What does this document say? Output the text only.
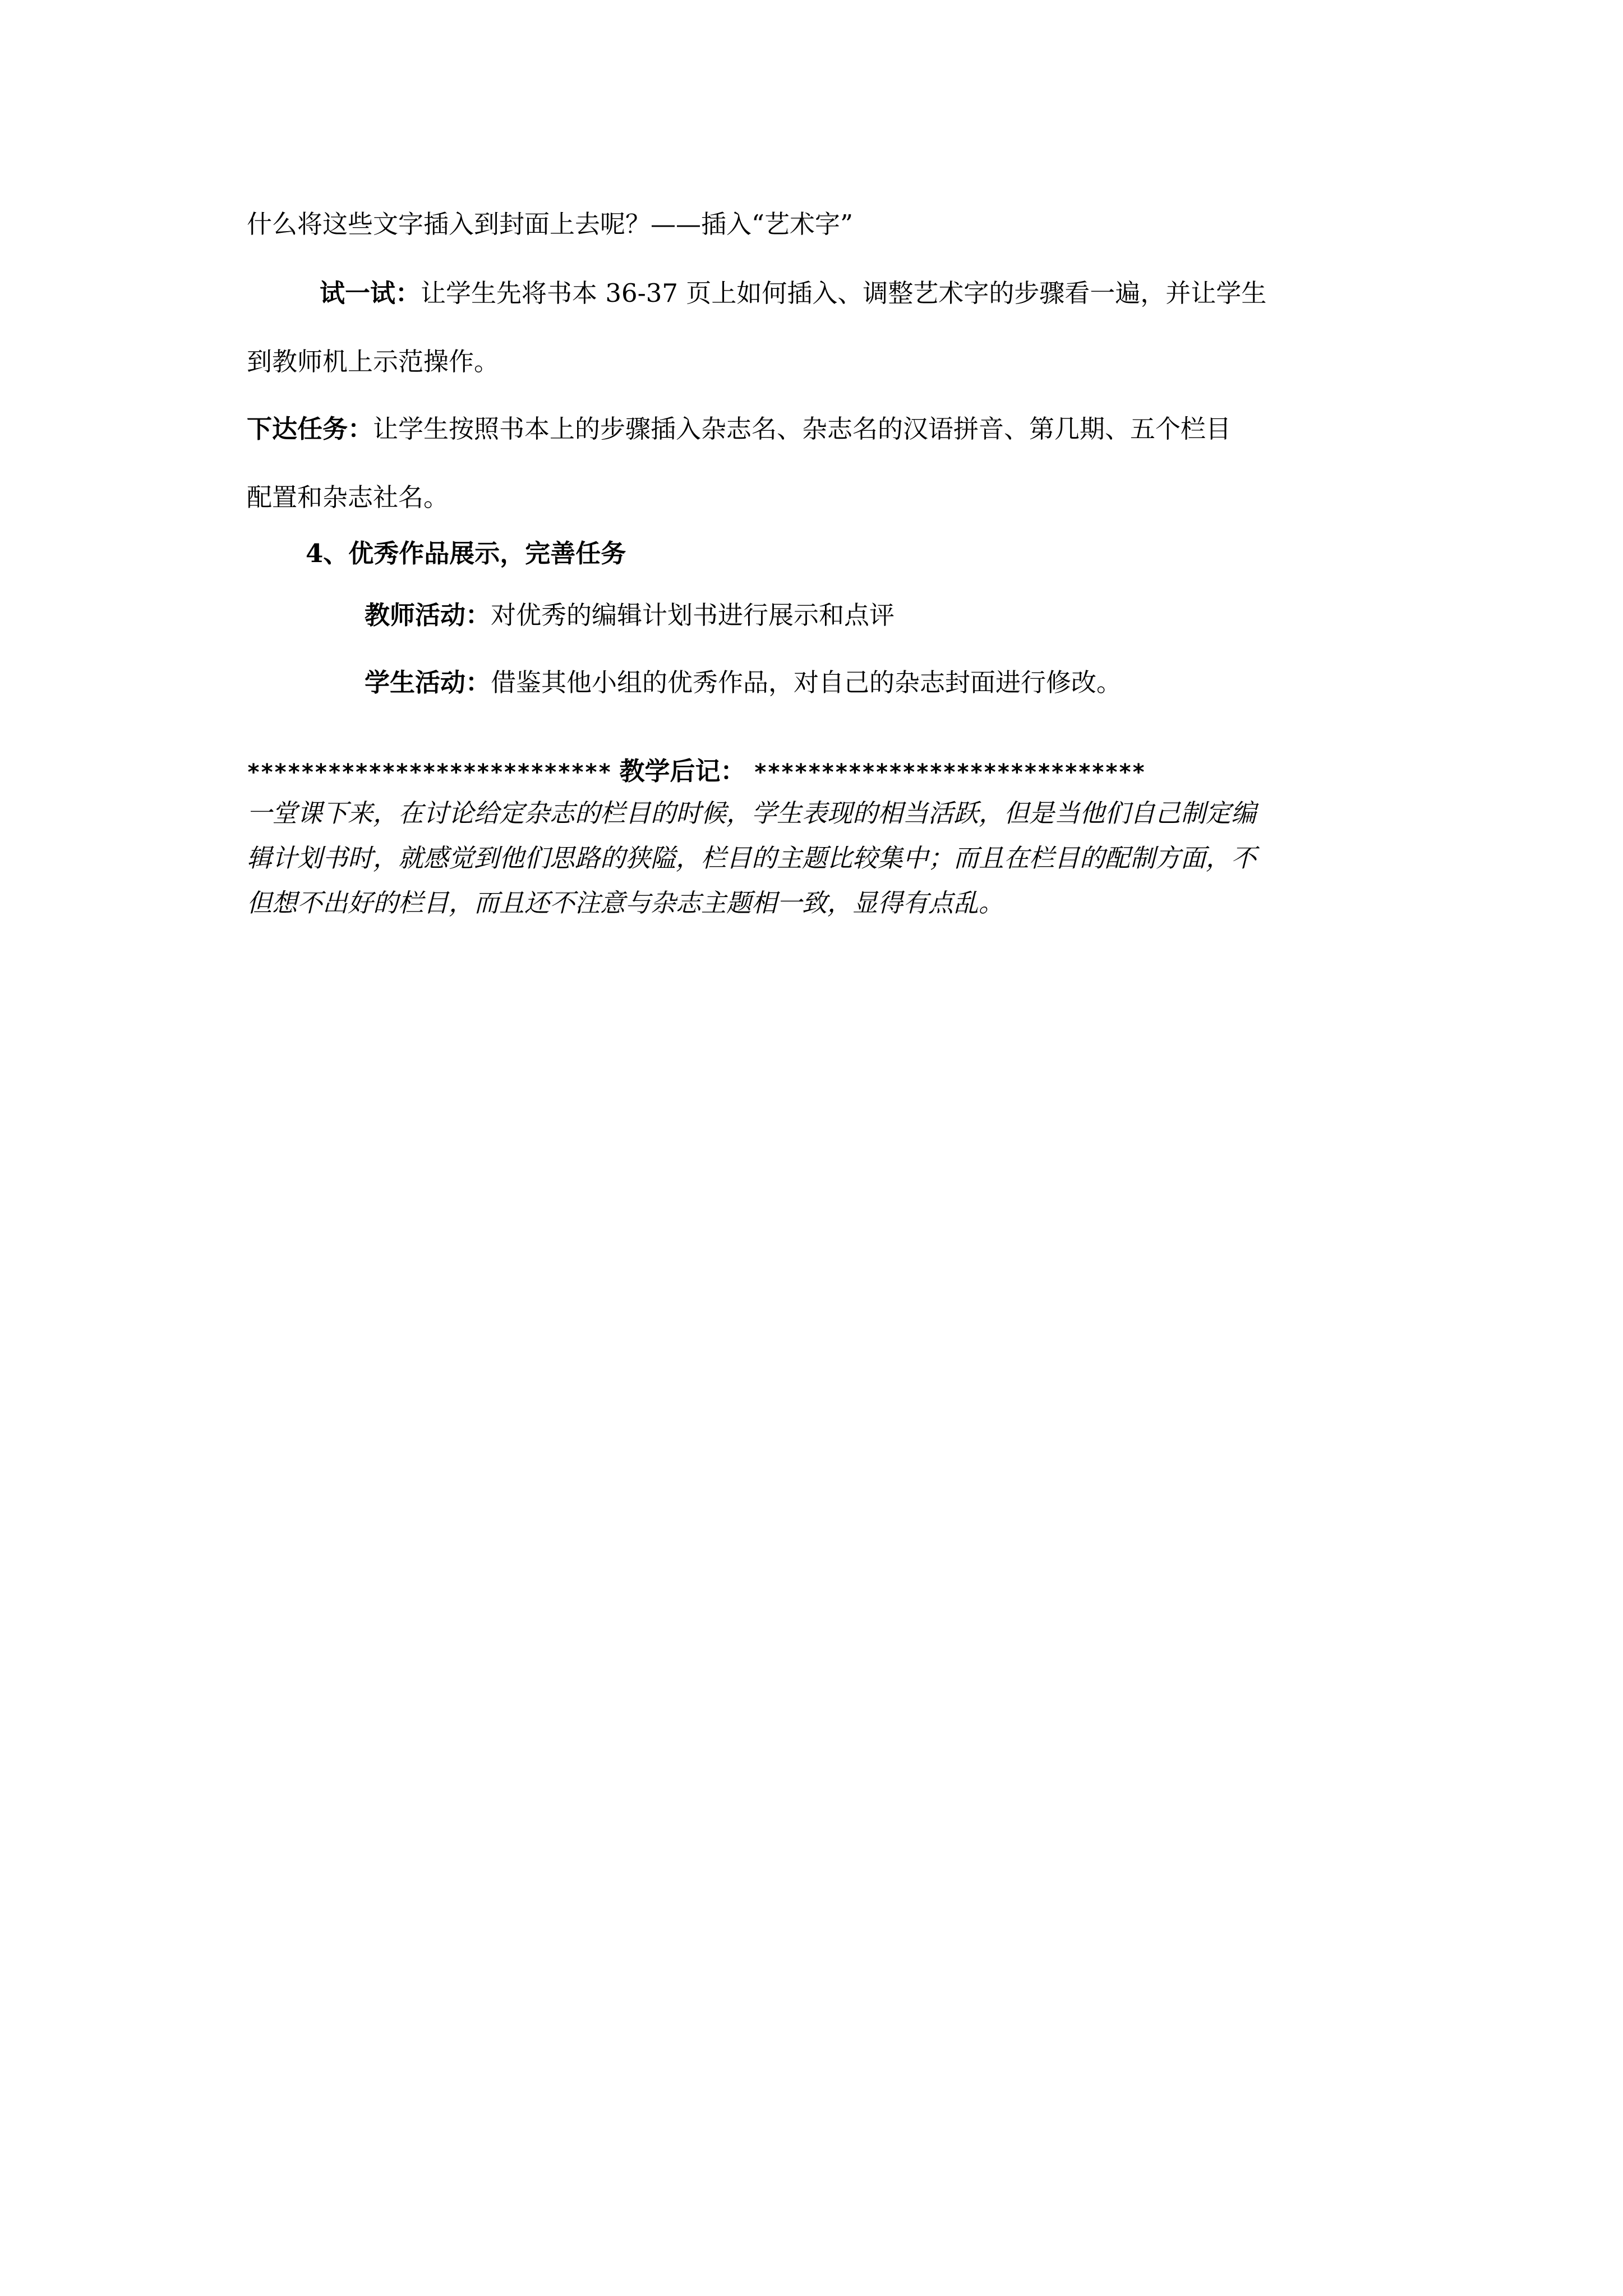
什么将这些文字插入到封面上去呢？——插入“艺术字”
试一试：让学生先将书本 36-37 页上如何插入、调整艺术字的步骤看一遍，并让学生
到教师机上示范操作。
下达任务：让学生按照书本上的步骤插入杂志名、杂志名的汉语拼音、第几期、五个栏目
配置和杂志社名。
4、优秀作品展示，完善任务
教师活动：对优秀的编辑计划书进行展示和点评
学生活动：借鉴其他小组的优秀作品，对自己的杂志封面进行修改。
*************************** 教学后记： *****************************
一堂课下来，在讨论给定杂志的栏目的时候，学生表现的相当活跃，但是当他们自己制定编
辑计划书时，就感觉到他们思路的狭隘，栏目的主题比较集中；而且在栏目的配制方面，不
但想不出好的栏目，而且还不注意与杂志主题相一致，显得有点乱。
